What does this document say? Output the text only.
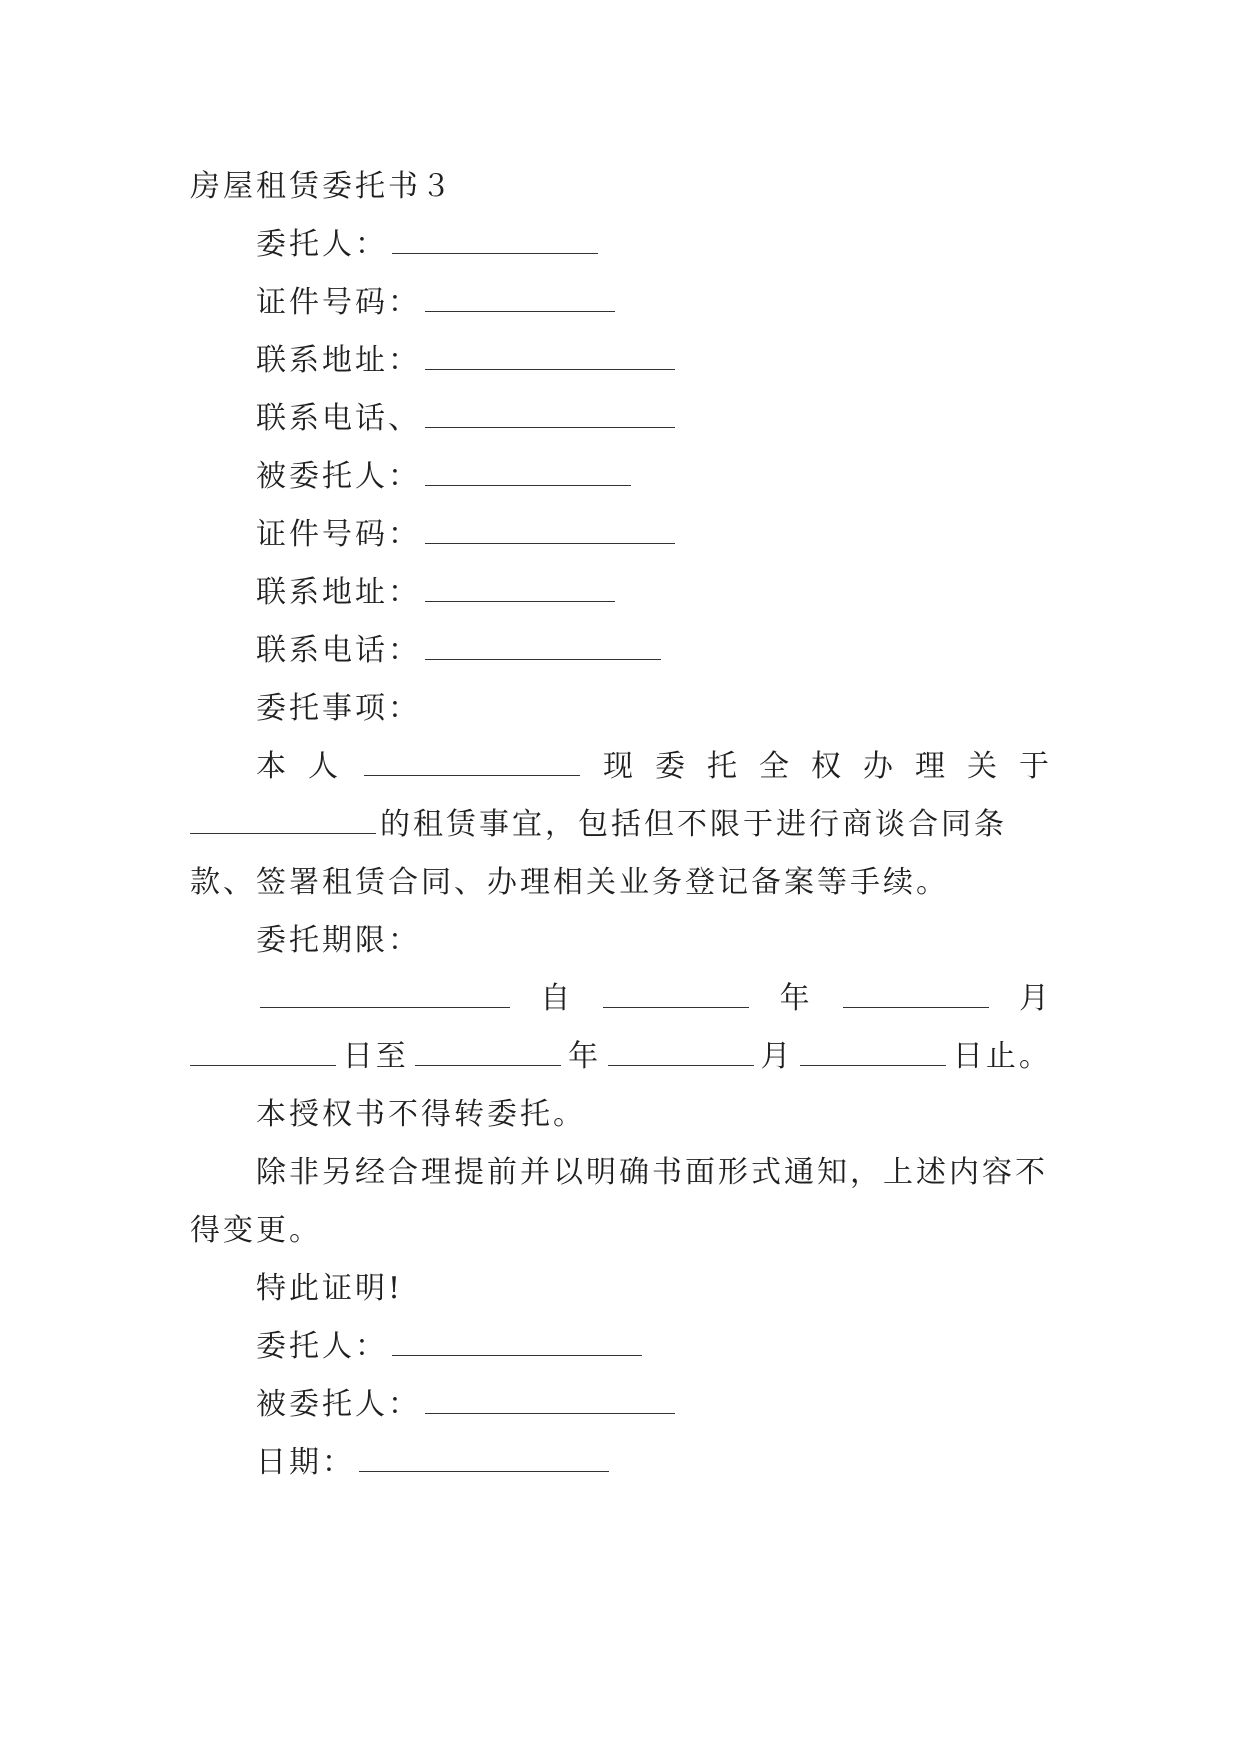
房屋租赁委托书３
委托人：
证件号码：
联系地址：
联系电话、
被委托人：
证件号码：
联系地址：
联系电话：
委托事项：
本 人	现 委 托 全 权 办 理 关 于
的租赁事宜，包括但不限于进行商谈合同条
款、签署租赁合同、办理相关业务登记备案等手续。
委托期限：
自	年	月
日至	年	月	日止。
本授权书不得转委托。
除非另经合理提前并以明确书面形式通知，上述内容不
得变更。
特此证明!
委托人：
被委托人：
日期：
